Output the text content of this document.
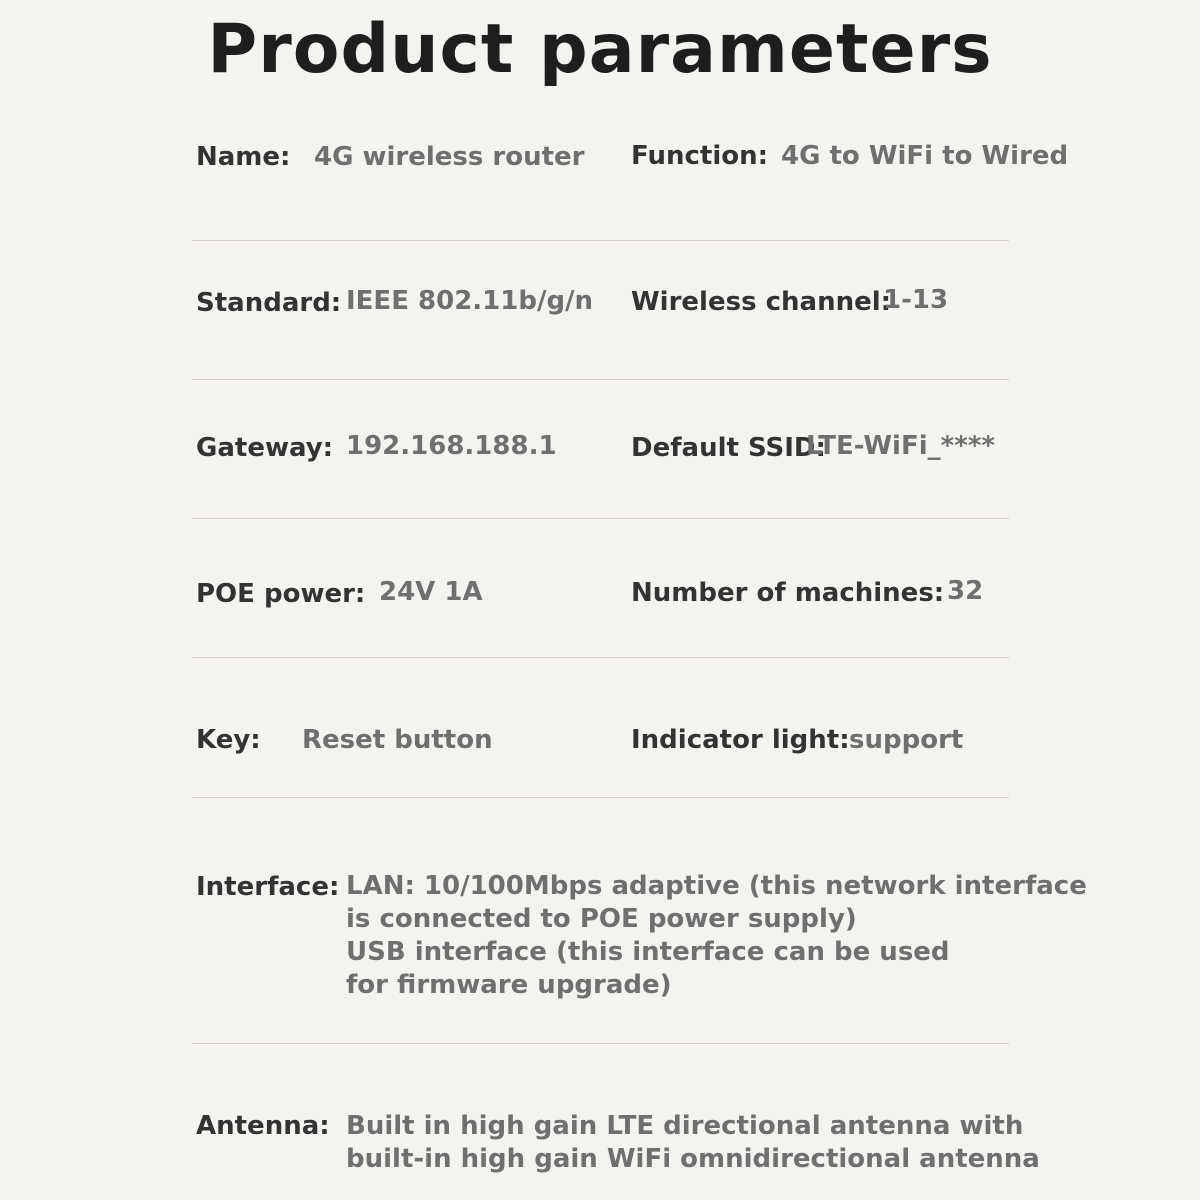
Product parameters
Name: 4G wireless router Function: 4G to WiFi to Wired
Standard: IEEE 802.11b/g/n Wireless channel:
1-13
Gateway: 192.168.188.1	Default SSID:
LTE-WiFi_****
POE power: 24V 1A	Number of machines: 32
Key: Reset button	Indicator light: support
Interface: LAN: 10/100Mbps adaptive (this network interface
is connected to POE power supply)
USB interface (this interface can be used
for firmware upgrade)
Antenna: Built in high gain LTE directional antenna with
built-in high gain WiFi omnidirectional antenna
